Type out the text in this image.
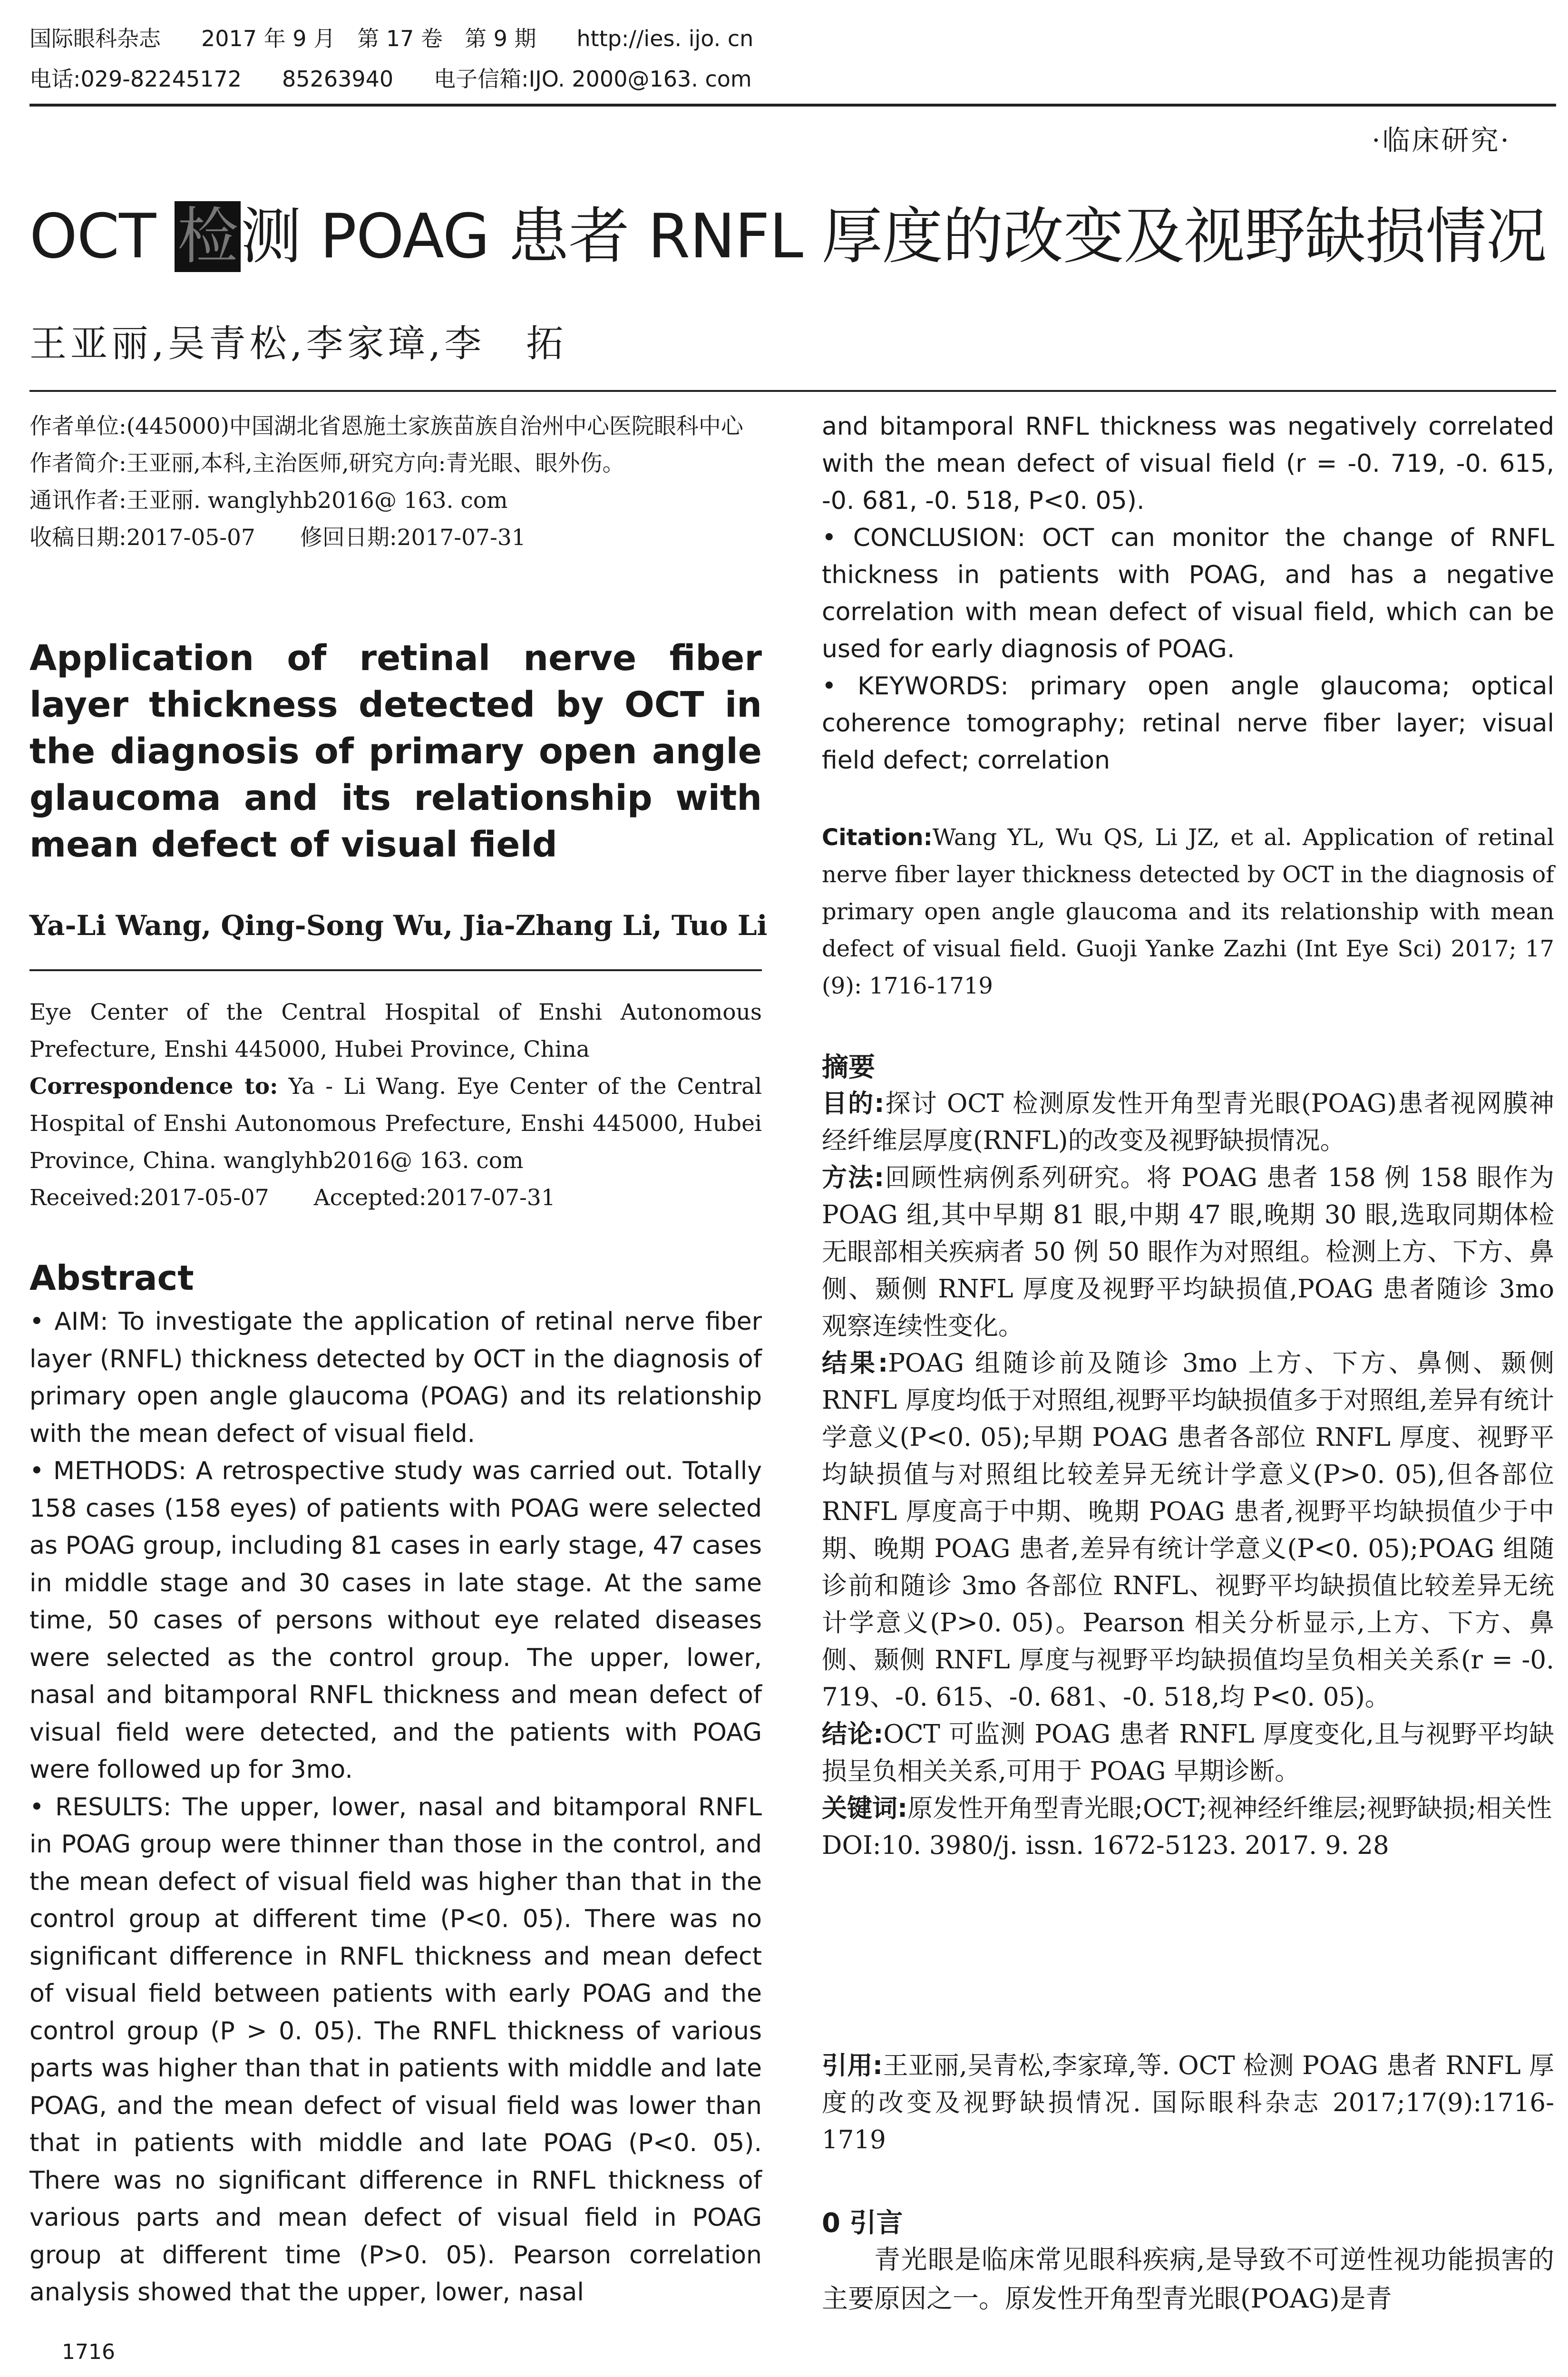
国际眼科杂志 2017 年 9 月　第 17 卷　第 9 期 http://ies. ijo. cn
电话:029-82245172 85263940 电子信箱:IJO. 2000@163. com
·临床研究·
OCT 检测 POAG 患者 RNFL 厚度的改变及视野缺损情况
王亚丽,吴青松,李家璋,李　拓

作者单位:(445000)中国湖北省恩施土家族苗族自治州中心医院眼科中心

作者简介:王亚丽,本科,主治医师,研究方向:青光眼、眼外伤。

通讯作者:王亚丽. wanglyhb2016@ 163. com

收稿日期:2017-05-07　　修回日期:2017-07-31

Application of retinal nerve fiber layer thickness detected by OCT in the diagnosis of primary open angle glaucoma and its relationship with mean defect of visual field
Ya-Li Wang, Qing-Song Wu, Jia-Zhang Li, Tuo Li

Eye Center of the Central Hospital of Enshi Autonomous Prefecture, Enshi 445000, Hubei Province, China

Correspondence to: Ya - Li Wang. Eye Center of the Central Hospital of Enshi Autonomous Prefecture, Enshi 445000, Hubei Province, China. wanglyhb2016@ 163. com

Received:2017-05-07　　Accepted:2017-07-31

Abstract

• AIM: To investigate the application of retinal nerve fiber layer (RNFL) thickness detected by OCT in the diagnosis of primary open angle glaucoma (POAG) and its relationship with the mean defect of visual field.

• METHODS: A retrospective study was carried out. Totally 158 cases (158 eyes) of patients with POAG were selected as POAG group, including 81 cases in early stage, 47 cases in middle stage and 30 cases in late stage. At the same time, 50 cases of persons without eye related diseases were selected as the control group. The upper, lower, nasal and bitamporal RNFL thickness and mean defect of visual field were detected, and the patients with POAG were followed up for 3mo.

• RESULTS: The upper, lower, nasal and bitamporal RNFL in POAG group were thinner than those in the control, and the mean defect of visual field was higher than that in the control group at different time (P<0. 05). There was no significant difference in RNFL thickness and mean defect of visual field between patients with early POAG and the control group (P > 0. 05). The RNFL thickness of various parts was higher than that in patients with middle and late POAG, and the mean defect of visual field was lower than that in patients with middle and late POAG (P<0. 05). There was no significant difference in RNFL thickness of various parts and mean defect of visual field in POAG group at different time (P>0. 05). Pearson correlation analysis showed that the upper, lower, nasal

1716

and bitamporal RNFL thickness was negatively correlated with the mean defect of visual field (r = -0. 719, -0. 615, -0. 681, -0. 518, P<0. 05).

• CONCLUSION: OCT can monitor the change of RNFL thickness in patients with POAG, and has a negative correlation with mean defect of visual field, which can be used for early diagnosis of POAG.

• KEYWORDS: primary open angle glaucoma; optical coherence tomography; retinal nerve fiber layer; visual field defect; correlation

Citation:Wang YL, Wu QS, Li JZ, et al. Application of retinal nerve fiber layer thickness detected by OCT in the diagnosis of primary open angle glaucoma and its relationship with mean defect of visual field. Guoji Yanke Zazhi (Int Eye Sci) 2017; 17 (9): 1716-1719

摘要

目的:探讨 OCT 检测原发性开角型青光眼(POAG)患者视网膜神经纤维层厚度(RNFL)的改变及视野缺损情况。

方法:回顾性病例系列研究。将 POAG 患者 158 例 158 眼作为 POAG 组,其中早期 81 眼,中期 47 眼,晚期 30 眼,选取同期体检无眼部相关疾病者 50 例 50 眼作为对照组。检测上方、下方、鼻侧、颞侧 RNFL 厚度及视野平均缺损值,POAG 患者随诊 3mo 观察连续性变化。

结果:POAG 组随诊前及随诊 3mo 上方、下方、鼻侧、颞侧 RNFL 厚度均低于对照组,视野平均缺损值多于对照组,差异有统计学意义(P<0. 05);早期 POAG 患者各部位 RNFL 厚度、视野平均缺损值与对照组比较差异无统计学意义(P>0. 05),但各部位 RNFL 厚度高于中期、晚期 POAG 患者,视野平均缺损值少于中期、晚期 POAG 患者,差异有统计学意义(P<0. 05);POAG 组随诊前和随诊 3mo 各部位 RNFL、视野平均缺损值比较差异无统计学意义(P>0. 05)。Pearson 相关分析显示,上方、下方、鼻侧、颞侧 RNFL 厚度与视野平均缺损值均呈负相关关系(r = -0. 719、-0. 615、-0. 681、-0. 518,均 P<0. 05)。

结论:OCT 可监测 POAG 患者 RNFL 厚度变化,且与视野平均缺损呈负相关关系,可用于 POAG 早期诊断。

关键词:原发性开角型青光眼;OCT;视神经纤维层;视野缺损;相关性

DOI:10. 3980/j. issn. 1672-5123. 2017. 9. 28

引用:王亚丽,吴青松,李家璋,等. OCT 检测 POAG 患者 RNFL 厚度的改变及视野缺损情况. 国际眼科杂志 2017;17(9):1716-1719

0 引言

青光眼是临床常见眼科疾病,是导致不可逆性视功能损害的主要原因之一。原发性开角型青光眼(POAG)是青
